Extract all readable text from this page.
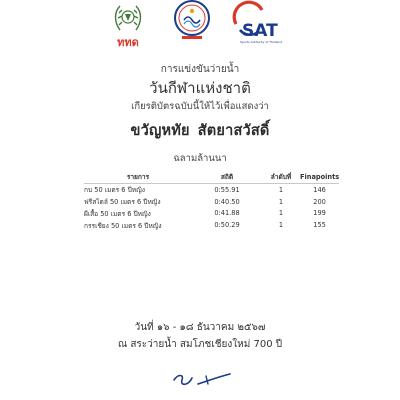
ททด
SAT
Sports Authority of Thailand
การแข่งขันว่ายน้ำ
วันกีฬาแห่งชาติ
เกียรติบัตรฉบับนี้ให้ไว้เพื่อแสดงว่า
ขวัญหทัย สัตยาสวัสดิ์
ฉลามล้านนา
รายการ	สถิติ	ลำดับที่	Finapoints
กบ 50 เมตร 6 ปีหญิง	0:55.91	1	146
ฟรีสไตล์ 50 เมตร 6 ปีหญิง	0:40.50	1	200
ผีเสื้อ 50 เมตร 6 ปีหญิง	0:41.88	1	199
กรรเชียง 50 เมตร 6 ปีหญิง	0:50.29	1	155
วันที่ ๑๖ - ๑๘ ธันวาคม ๒๕๖๗
ณ สระว่ายน้ำ สมโภชเชียงใหม่ 700 ปี
